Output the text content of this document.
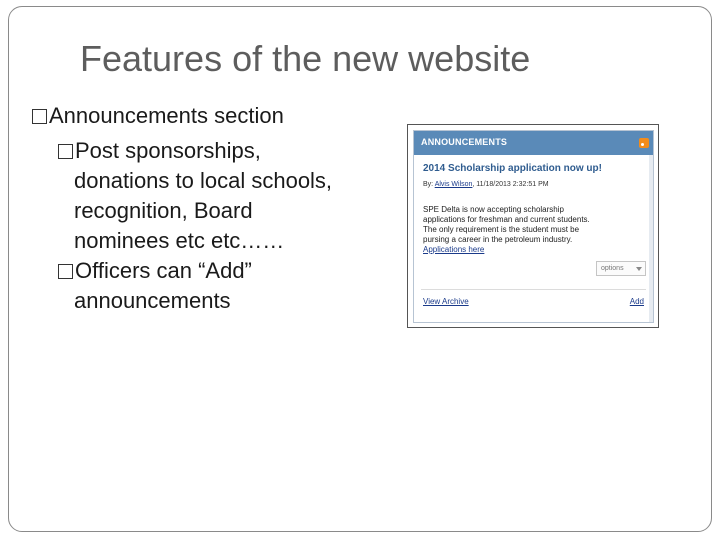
Features of the new website
Announcements section
Post sponsorships,
donations to local schools,
recognition, Board
nominees etc etc……
Officers can “Add”
announcements
ANNOUNCEMENTS
2014 Scholarship application now up!
By: Alvis Wilson, 11/18/2013 2:32:51 PM
SPE Delta is now accepting scholarship
applications for freshman and current students.
The only requirement is the student must be
pursing a career in the petroleum industry.
Applications here
options
View Archive	Add
